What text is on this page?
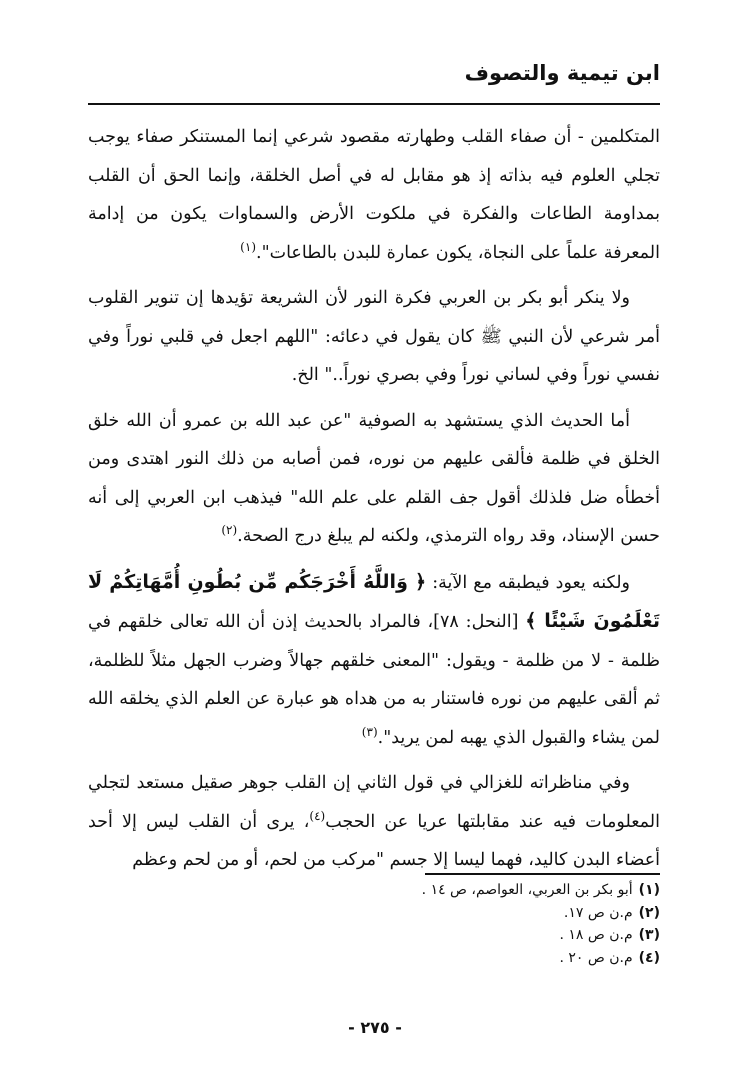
ابن تيمية والتصوف

المتكلمين - أن صفاء القلب وطهارته مقصود شرعي إنما المستنكر صفاء يوجب تجلي العلوم فيه بذاته إذ هو مقابل له في أصل الخلقة، وإنما الحق أن القلب بمداومة الطاعات والفكرة في ملكوت الأرض والسماوات يكون من إدامة المعرفة علماً على النجاة، يكون عمارة للبدن بالطاعات".$^{(١)}$

ولا ينكر أبو بكر بن العربي فكرة النور لأن الشريعة تؤيدها إن تنوير القلوب أمر شرعي لأن النبي ﷺ كان يقول في دعائه: "اللهم اجعل في قلبي نوراً وفي نفسي نوراً وفي لساني نوراً وفي بصري نوراً.." الخ.

أما الحديث الذي يستشهد به الصوفية "عن عبد الله بن عمرو أن الله خلق الخلق في ظلمة فألقى عليهم من نوره، فمن أصابه من ذلك النور اهتدى ومن أخطأه ضل فلذلك أقول جف القلم على علم الله" فيذهب ابن العربي إلى أنه حسن الإسناد، وقد رواه الترمذي، ولكنه لم يبلغ درج الصحة.$^{(٢)}$

ولكنه يعود فيطبقه مع الآية: ﴿ وَاللَّهُ أَخْرَجَكُم مِّن بُطُونِ أُمَّهَاتِكُمْ لَا تَعْلَمُونَ شَيْئًا ﴾ [النحل: ٧٨]، فالمراد بالحديث إذن أن الله تعالى خلقهم في ظلمة - لا من ظلمة - ويقول: "المعنى خلقهم جهالاً وضرب الجهل مثلاً للظلمة، ثم ألقى عليهم من نوره فاستنار به من هداه هو عبارة عن العلم الذي يخلقه الله لمن يشاء والقبول الذي يهبه لمن يريد".$^{(٣)}$

وفي مناظراته للغزالي في قول الثاني إن القلب جوهر صقيل مستعد لتجلي المعلومات فيه عند مقابلتها عريا عن الحجب$^{(٤)}$، يرى أن القلب ليس إلا أحد أعضاء البدن كاليد، فهما ليسا إلا جسم "مركب من لحم، أو من لحم وعظم

(١)أبو بكر بن العربي، العواصم، ص ١٤ .
(٢)م.ن ص ١٧.
(٣)م.ن ص ١٨ .
(٤)م.ن ص ٢٠ .
- ٢٧٥ -
